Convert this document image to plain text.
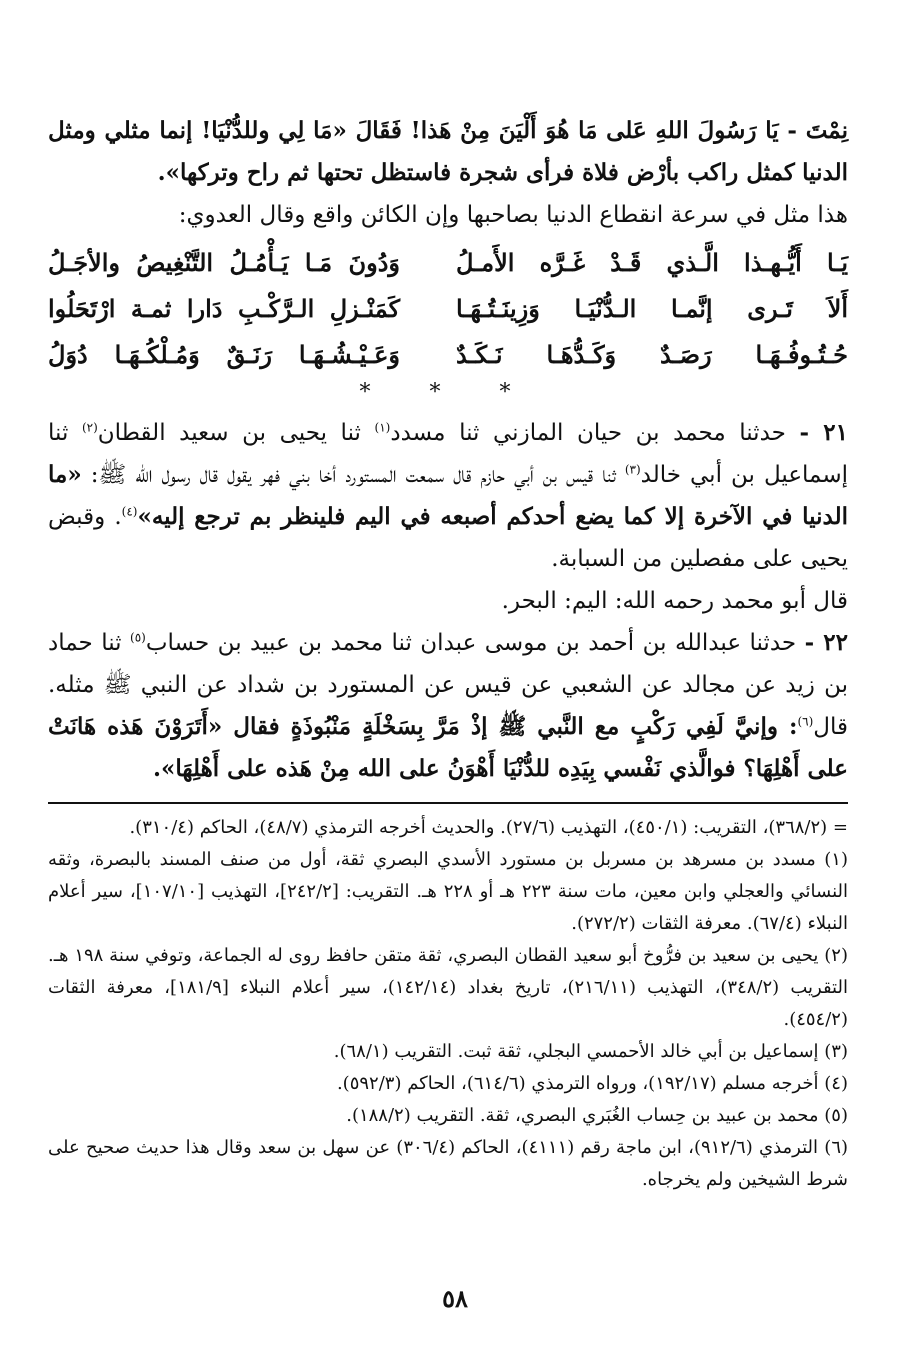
نِمْتَ - يَا رَسُولَ اللهِ عَلى مَا هُوَ أَلْيَنَ مِنْ هَذا! فَقَالَ «مَا لِي وللدُّنْيَا! إنما مثلي ومثل الدنيا كمثل راكب بأرْض فلاة فرأى شجرة فاستظل تحتها ثم راح وتركها».

هذا مثل في سرعة انقطاع الدنيا بصاحبها وإن الكائن واقع وقال العدوي:

يَـا أَيُّـهـذا الَّـذي قَـدْ غَـرَّه الأَمـلُ
وَدُونَ مَـا يَـأْمُـلُ التَّنْغِيصُ والأجَـلُ
أَلاَ تَـرى إنَّمـا الـدُّنْيَـا وَزِينَـتُـهَـا
كَمَنْـزلِ الـرَّكْـبِ دَارا ثمـة ارْتَحَلُوا
حُـتُـوفُـهَـا رَصَـدٌ وَكَـدُّهَـا نَـكَـدٌ
وَعَـيْـشُـهَـا رَنَـقٌ وَمُـلْكُـهَـا دُوَلُ
* * *

٢١ - حدثنا محمد بن حيان المازني ثنا مسدد$^{(١)}$ ثنا يحيى بن سعيد القطان$^{(٢)}$ ثنا إسماعيل بن أبي خالد$^{(٣)}$ ثنا قيس بن أبي حازم قال سمعت المستورد أخا بني فهر يقول قال رسول الله ﷺ: «ما الدنيا في الآخرة إلا كما يضع أحدكم أصبعه في اليم فلينظر بم ترجع إليه»$^{(٤)}$. وقبض يحيى على مفصلين من السبابة.

قال أبو محمد رحمه الله: اليم: البحر.

٢٢ - حدثنا عبدالله بن أحمد بن موسى عبدان ثنا محمد بن عبيد بن حساب$^{(٥)}$ ثنا حماد بن زيد عن مجالد عن الشعبي عن قيس عن المستورد بن شداد عن النبي ﷺ مثله. قال$^{(٦)}$: وإنيَّ لَفِي رَكْبٍ مع النَّبي ﷺ إذْ مَرَّ بِسَخْلَةٍ مَنْبُوذَةٍ فقال «أَتَرَوْنَ هَذه هَانَتْ على أَهْلِهَا؟ فوالَّذي نَفْسي بِيَدِه للدُّنْيَا أَهْوَنُ على الله مِنْ هَذه على أَهْلِهَا».

= (٣٦٨/٢)، التقريب: (٤٥٠/١)، التهذيب (٢٧/٦). والحديث أخرجه الترمذي (٤٨/٧)، الحاكم (٣١٠/٤).

(١) مسدد بن مسرهد بن مسربل بن مستورد الأسدي البصري ثقة، أول من صنف المسند بالبصرة، وثقه النسائي والعجلي وابن معين، مات سنة ٢٢٣ هـ أو ٢٢٨ هـ. التقريب: [٢٤٢/٢]، التهذيب [١٠٧/١٠]، سير أعلام النبلاء (٦٧/٤). معرفة الثقات (٢٧٢/٢).

(٢) يحيى بن سعيد بن فرُّوخ أبو سعيد القطان البصري، ثقة متقن حافظ روى له الجماعة، وتوفي سنة ١٩٨ هـ. التقريب (٣٤٨/٢)، التهذيب (٢١٦/١١)، تاريخ بغداد (١٤٢/١٤)، سير أعلام النبلاء [١٨١/٩]، معرفة الثقات (٤٥٤/٢).

(٣) إسماعيل بن أبي خالد الأحمسي البجلي، ثقة ثبت. التقريب (٦٨/١).

(٤) أخرجه مسلم (١٩٢/١٧)، ورواه الترمذي (٦١٤/٦)، الحاكم (٥٩٢/٣).

(٥) محمد بن عبيد بن حِساب الغُبَري البصري، ثقة. التقريب (١٨٨/٢).

(٦) الترمذي (٩١٢/٦)، ابن ماجة رقم (٤١١١)، الحاكم (٣٠٦/٤) عن سهل بن سعد وقال هذا حديث صحيح على شرط الشيخين ولم يخرجاه.

٥٨
